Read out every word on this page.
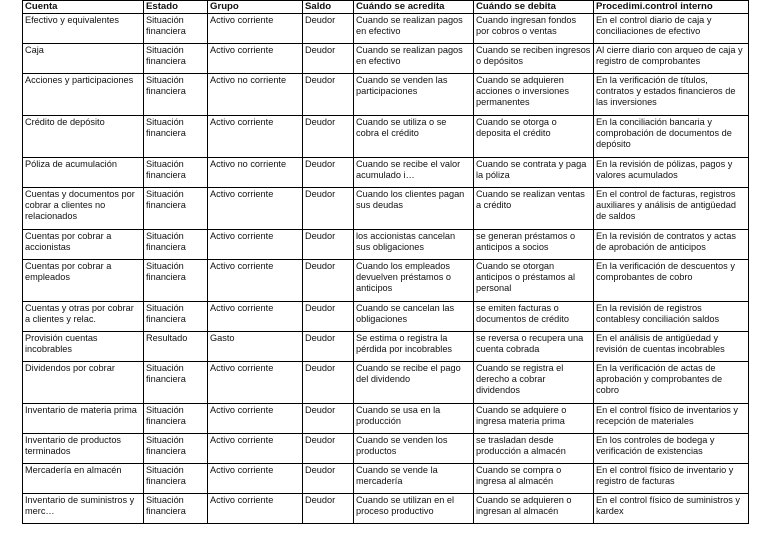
Cuenta	Estado	Grupo	Saldo	Cuándo se acredita	Cuándo se debita	Procedimi.control interno
Efectivo y equivalentes	Situación financiera	Activo corriente	Deudor	Cuando se realizan pagos en efectivo	Cuando ingresan fondos por cobros o ventas	En el control diario de caja y conciliaciones de efectivo
Caja	Situación financiera	Activo corriente	Deudor	Cuando se realizan pagos en efectivo	Cuando se reciben ingresos o depósitos	Al cierre diario con arqueo de caja y registro de comprobantes
Acciones y participaciones	Situación financiera	Activo no corriente	Deudor	Cuando se venden las participaciones	Cuando se adquieren acciones o inversiones permanentes	En la verificación de títulos, contratos y estados financieros de las inversiones
Crédito de depósito	Situación financiera	Activo corriente	Deudor	Cuando se utiliza o se cobra el crédito	Cuando se otorga o deposita el crédito	En la conciliación bancaria y comprobación de documentos de depósito
Póliza de acumulación	Situación financiera	Activo no corriente	Deudor	Cuando se recibe el valor acumulado i…	Cuando se contrata y paga la póliza	En la revisión de pólizas, pagos y valores acumulados
Cuentas y documentos por cobrar a clientes no relacionados	Situación financiera	Activo corriente	Deudor	Cuando los clientes pagan sus deudas	Cuando se realizan ventas a crédito	En el control de facturas, registros auxiliares y análisis de antigüedad de saldos
Cuentas por cobrar a accionistas	Situación financiera	Activo corriente	Deudor	los accionistas cancelan sus obligaciones	se generan préstamos o anticipos a socios	En la revisión de contratos y actas de aprobación de anticipos
Cuentas por cobrar a empleados	Situación financiera	Activo corriente	Deudor	Cuando los empleados devuelven préstamos o anticipos	Cuando se otorgan anticipos o préstamos al personal	En la verificación de descuentos y comprobantes de cobro
Cuentas y otras por cobrar a clientes y relac.	Situación financiera	Activo corriente	Deudor	Cuando se cancelan las obligaciones	se emiten facturas o documentos de crédito	En la revisión de registros contablesy conciliación saldos
Provisión cuentas incobrables	Resultado	Gasto	Deudor	Se estima o registra la pérdida por incobrables	se reversa o recupera una cuenta cobrada	En el análisis de antigüedad y revisión de cuentas incobrables
Dividendos por cobrar	Situación financiera	Activo corriente	Deudor	Cuando se recibe el pago del dividendo	Cuando se registra el derecho a cobrar dividendos	En la verificación de actas de aprobación y comprobantes de cobro
Inventario de materia prima	Situación financiera	Activo corriente	Deudor	Cuando se usa en la producción	Cuando se adquiere o ingresa materia prima	En el control físico de inventarios y recepción de materiales
Inventario de productos terminados	Situación financiera	Activo corriente	Deudor	Cuando se venden los productos	se trasladan desde producción a almacén	En los controles de bodega y verificación de existencias
Mercadería en almacén	Situación financiera	Activo corriente	Deudor	Cuando se vende la mercadería	Cuando se compra o ingresa al almacén	En el control físico de inventario y registro de facturas
Inventario de suministros y merc…	Situación financiera	Activo corriente	Deudor	Cuando se utilizan en el proceso productivo	Cuando se adquieren o ingresan al almacén	En el control físico de suministros y kardex
